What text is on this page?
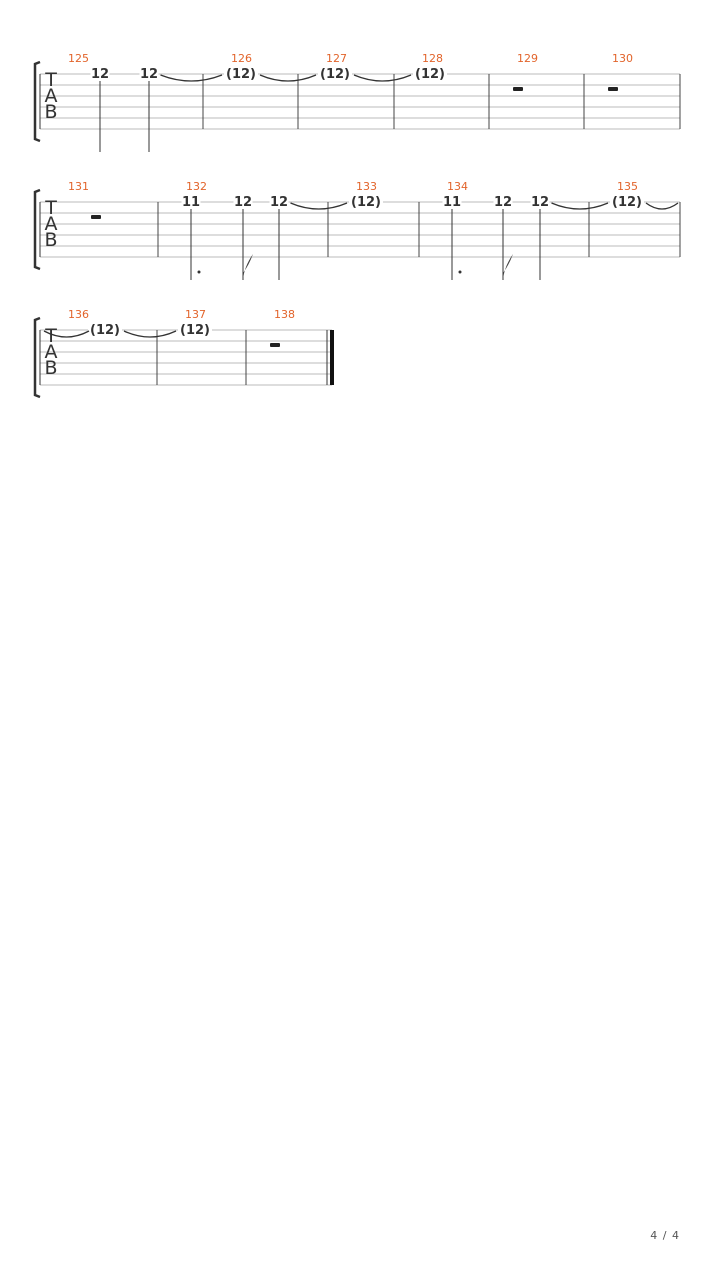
T
A
B
125
12 12
126
(12)
127
(12)
128
(12)
129	130
T
A
B
131	132
11	12 12
133
(12)
134
11	12 12
135
(12)
T
A
B
136
(12)
137
(12)
138
4 / 4
